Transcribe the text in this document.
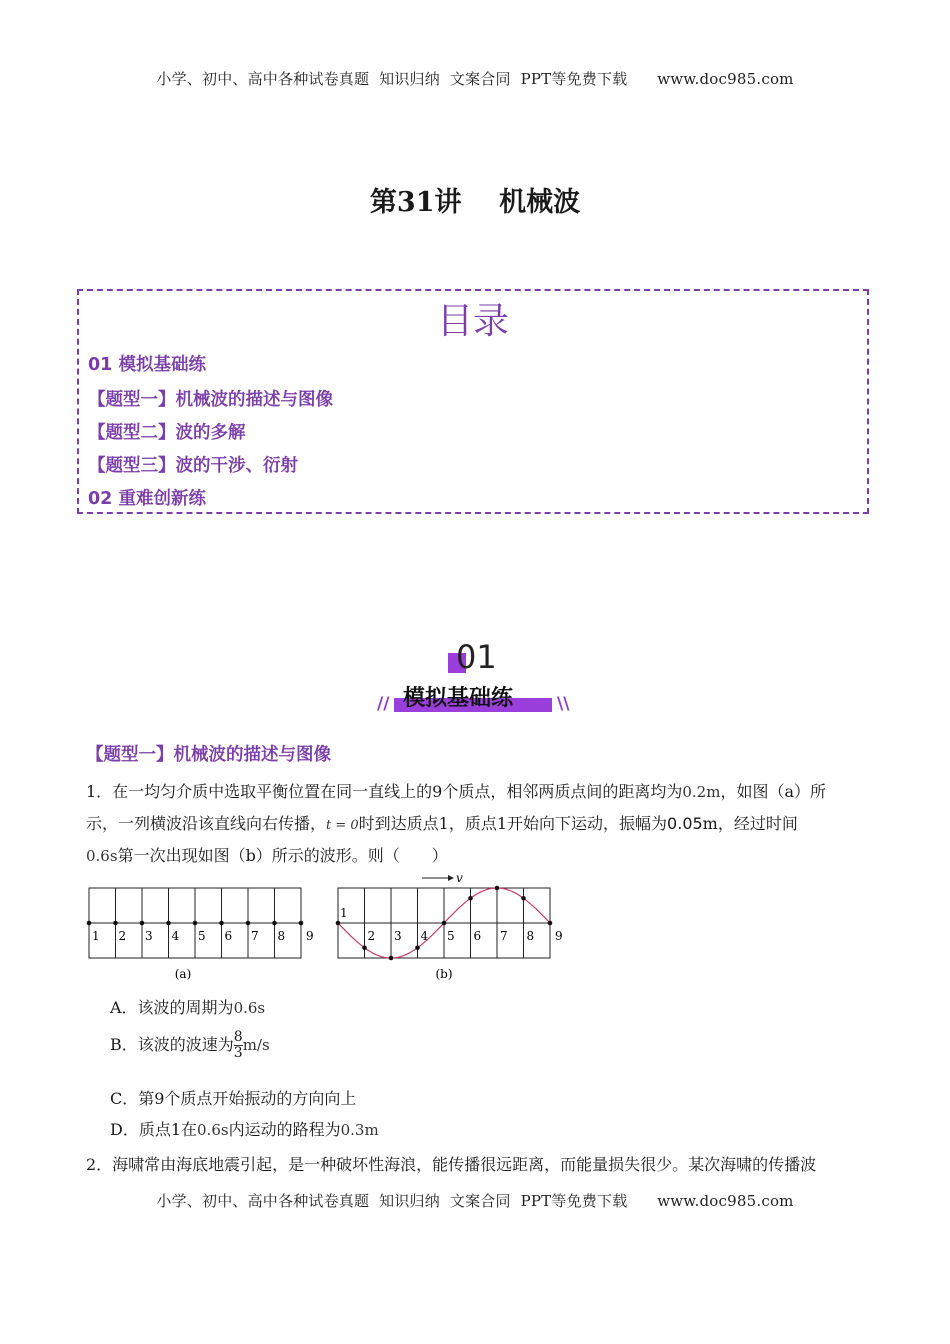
小学、初中、高中各种试卷真题  知识归纳  文案合同  PPT等免费下载      www.doc985.com
第31讲    机械波
目录
01 模拟基础练
【题型一】机械波的描述与图像
【题型二】波的多解
【题型三】波的干涉、衍射
02 重难创新练
01
// 模拟基础练	\\
【题型一】机械波的描述与图像
1．在一均匀介质中选取平衡位置在同一直线上的9个质点，相邻两质点间的距离均为0.2m，如图（a）所
示，一列横波沿该直线向右传播，t = 0时到达质点1，质点1开始向下运动，振幅为0.05m，经过时间
0.6s第一次出现如图（b）所示的波形。则（　　）
1 2 3 4 5 6 7 8 9
(a)
1
2 3 4 5 6 7 8 9
v
(b)
A．该波的周期为0.6s
B．该波的波速为$\frac{8}{3} m/s$
C．第9个质点开始振动的方向向上
D．质点1在0.6s内运动的路程为0.3m
2．海啸常由海底地震引起，是一种破坏性海浪，能传播很远距离，而能量损失很少。某次海啸的传播波
小学、初中、高中各种试卷真题  知识归纳  文案合同  PPT等免费下载      www.doc985.com
